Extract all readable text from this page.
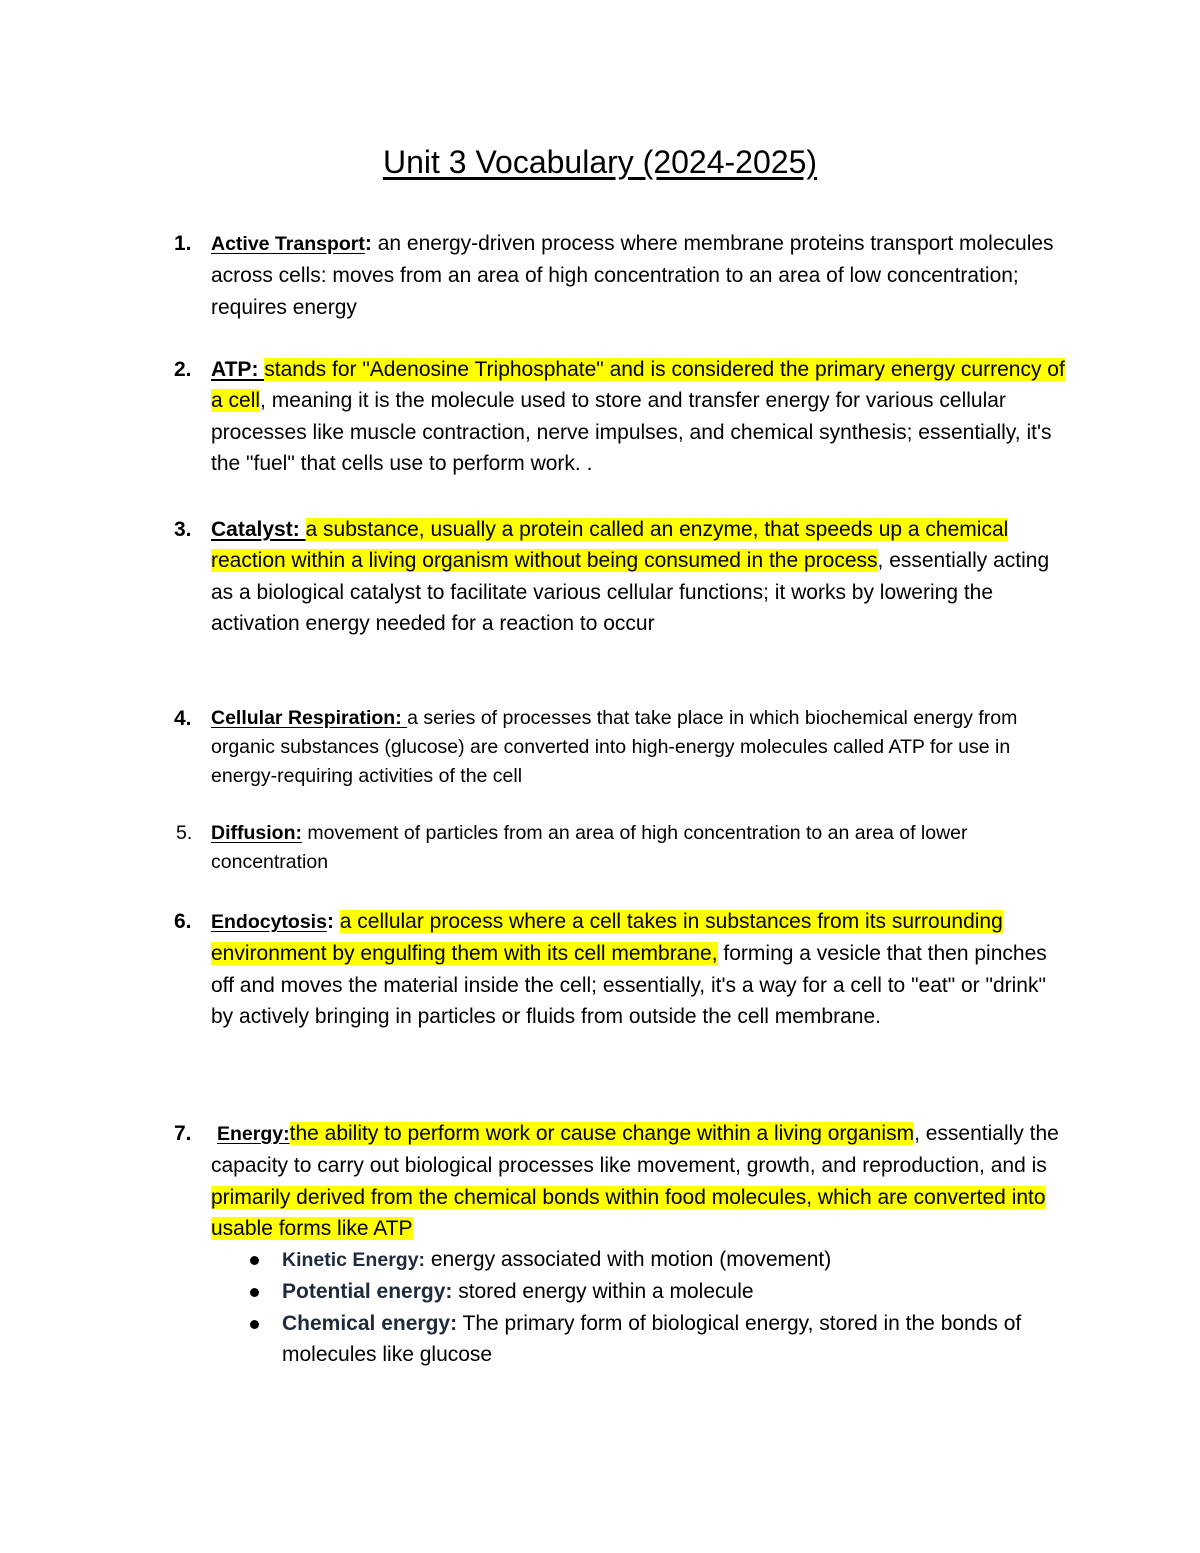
Unit 3 Vocabulary (2024-2025)
1. Active Transport: an energy-driven process where membrane proteins transport molecules across cells: moves from an area of high concentration to an area of low concentration; requires energy
2. ATP: stands for "Adenosine Triphosphate" and is considered the primary energy currency of a cell, meaning it is the molecule used to store and transfer energy for various cellular processes like muscle contraction, nerve impulses, and chemical synthesis; essentially, it's the "fuel" that cells use to perform work. .
3. Catalyst: a substance, usually a protein called an enzyme, that speeds up a chemical reaction within a living organism without being consumed in the process, essentially acting as a biological catalyst to facilitate various cellular functions; it works by lowering the activation energy needed for a reaction to occur
4. Cellular Respiration: a series of processes that take place in which biochemical energy from organic substances (glucose) are converted into high-energy molecules called ATP for use in energy-requiring activities of the cell
5. Diffusion: movement of particles from an area of high concentration to an area of lower concentration
6. Endocytosis: a cellular process where a cell takes in substances from its surrounding environment by engulfing them with its cell membrane, forming a vesicle that then pinches off and moves the material inside the cell; essentially, it's a way for a cell to "eat" or "drink" by actively bringing in particles or fluids from outside the cell membrane.
7.	Energy:the ability to perform work or cause change within a living organism, essentially the capacity to carry out biological processes like movement, growth, and reproduction, and is primarily derived from the chemical bonds within food molecules, which are converted into usable forms like ATP
Kinetic Energy: energy associated with motion (movement)
Potential energy: stored energy within a molecule
Chemical energy: The primary form of biological energy, stored in the bonds of molecules like glucose
